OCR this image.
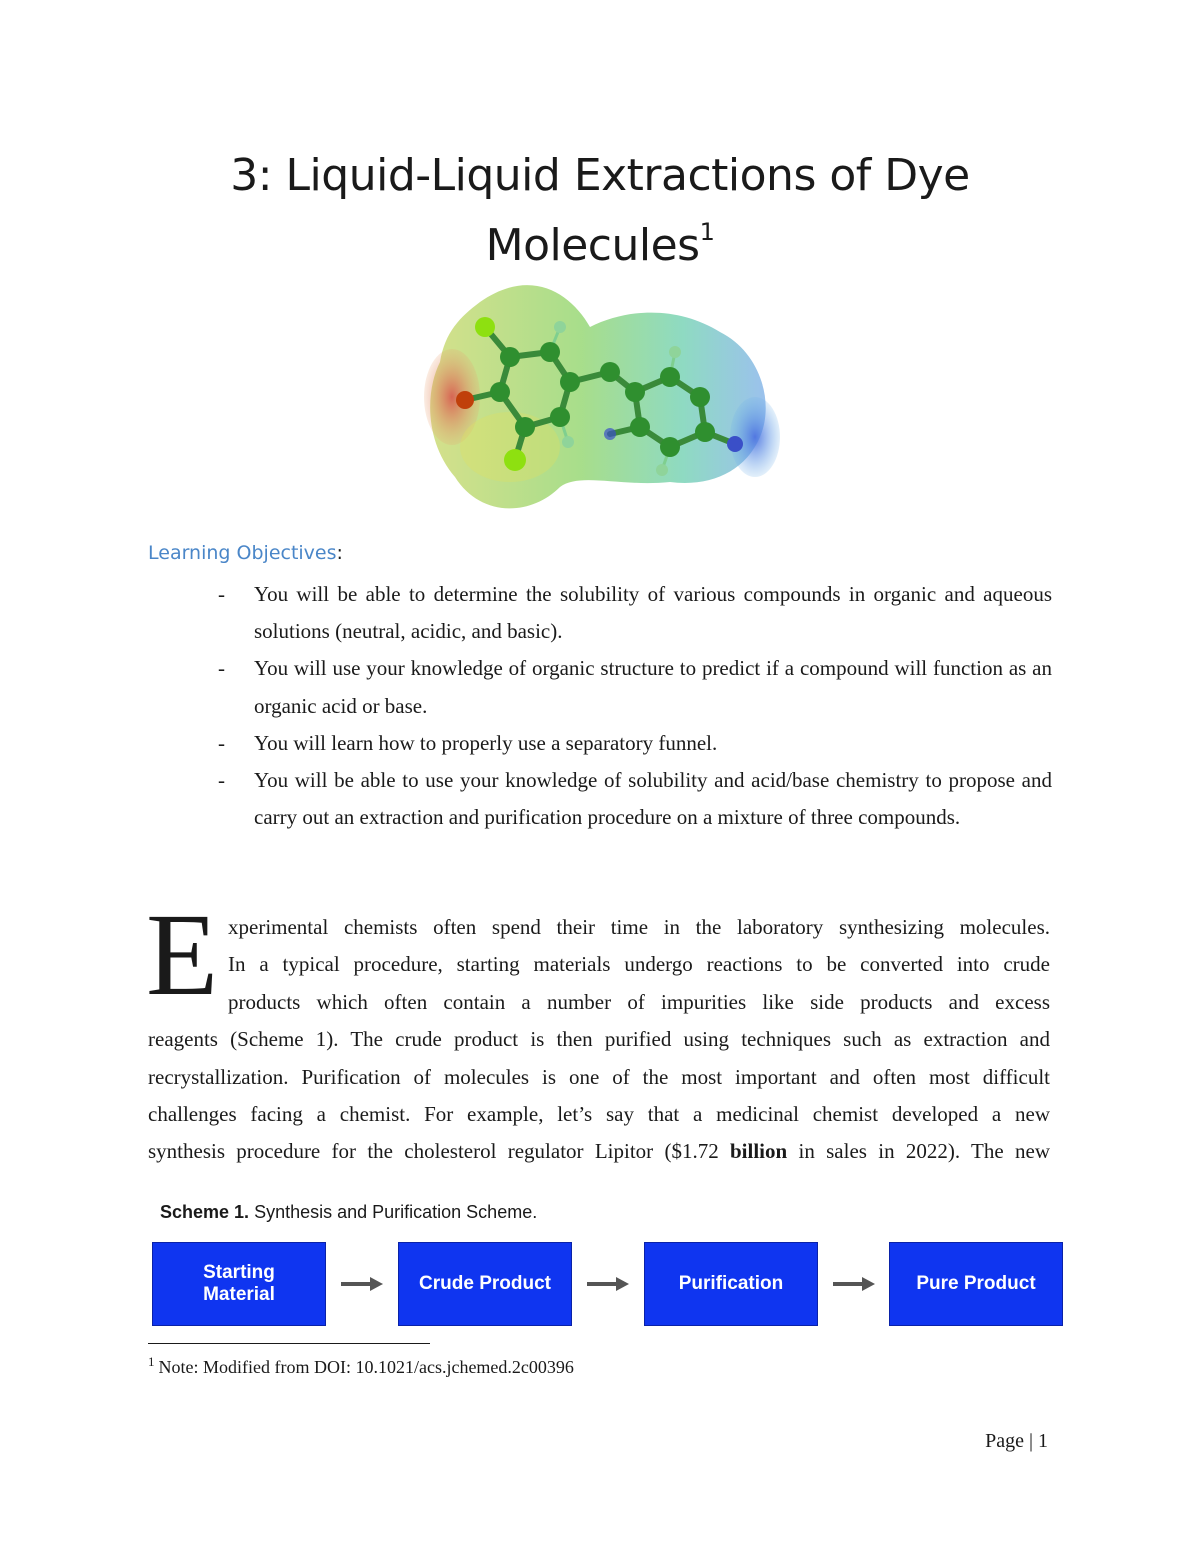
3: Liquid-Liquid Extractions of Dye
Molecules$^1$

Learning Objectives:

- You will be able to determine the solubility of various compounds in organic and aqueous solutions (neutral, acidic, and basic).
- You will use your knowledge of organic structure to predict if a compound will function as an organic acid or base.
- You will learn how to properly use a separatory funnel.
- You will be able to use your knowledge of solubility and acid/base chemistry to propose and carry out an extraction and purification procedure on a mixture of three compounds.
E xperimental chemists often spend their time in the laboratory synthesizing molecules.
In a typical procedure, starting materials undergo reactions to be converted into crude
products which often contain a number of impurities like side products and excess
reagents (Scheme 1). The crude product is then purified using techniques such as extraction and
recrystallization. Purification of molecules is one of the most important and often most difficult
challenges facing a chemist. For example, let’s say that a medicinal chemist developed a new
synthesis procedure for the cholesterol regulator Lipitor ($1.72 billion in sales in 2022). The new

Scheme 1. Synthesis and Purification Scheme.

Starting
Material
Crude Product	Purification	Pure Product

$^1$ Note: Modified from DOI: 10.1021/acs.jchemed.2c00396

Page | 1
